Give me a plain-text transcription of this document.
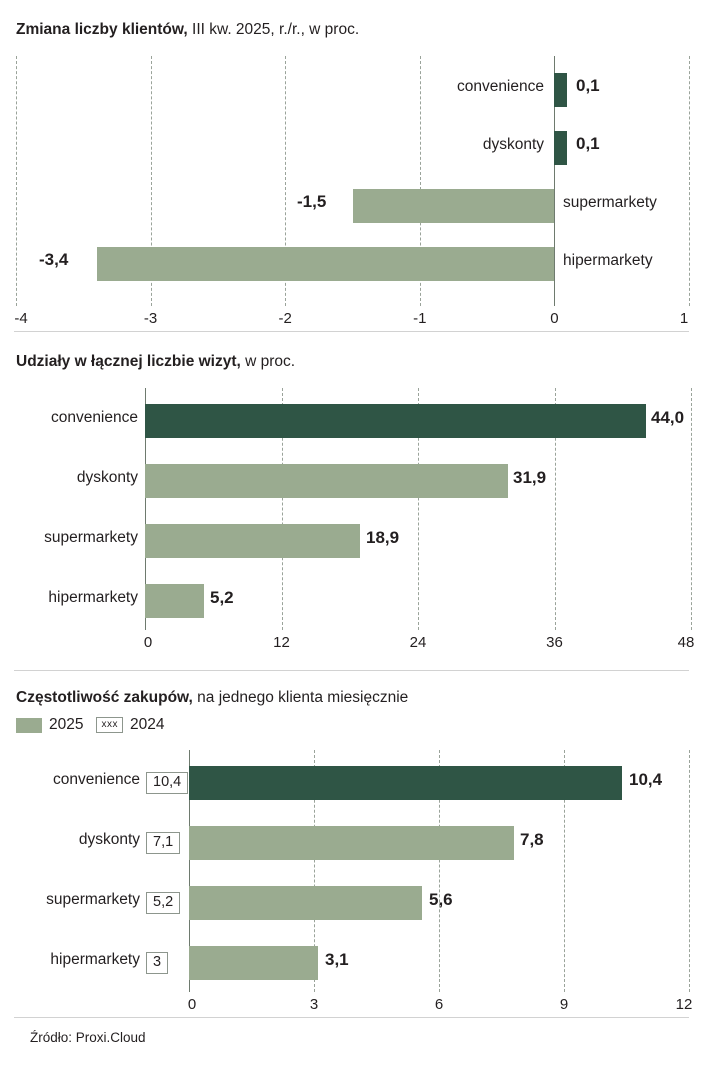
Zmiana liczby klientów, III kw. 2025, r./r., w proc.
0,1
convenience
0,1
dyskonty
-1,5	supermarkety
-3,4	hipermarkety
-4	-3	-2	-1	0	1
Udziały w łącznej liczbie wizyt, w proc.
44,0
31,9
18,9
5,2
convenience
dyskonty
supermarkety
hipermarkety
0	12	24	36	48
Częstotliwość zakupów, na jednego klienta miesięcznie
2025	xxx 2024
10,4
7,8
5,6
3,1
10,4
7,1
5,2
3
convenience
dyskonty
supermarkety
hipermarkety
0	3	6	9	12
Źródło: Proxi.Cloud
